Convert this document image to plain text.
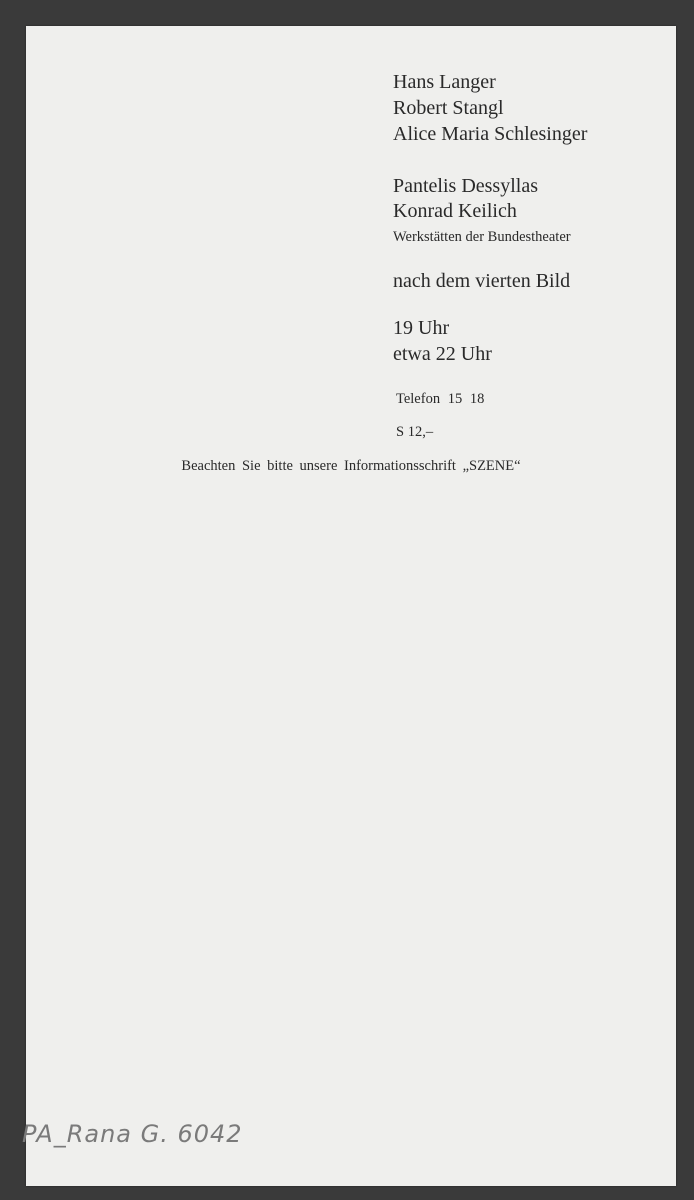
Hans Langer
Robert Stangl
Alice Maria Schlesinger
Pantelis Dessyllas
Konrad Keilich
Werkstätten der Bundestheater
nach dem vierten Bild
19 Uhr
etwa 22 Uhr
Telefon 15 18
S 12,–
Beachten Sie bitte unsere Informationsschrift „SZENE“
PA_Rana G. 6042
